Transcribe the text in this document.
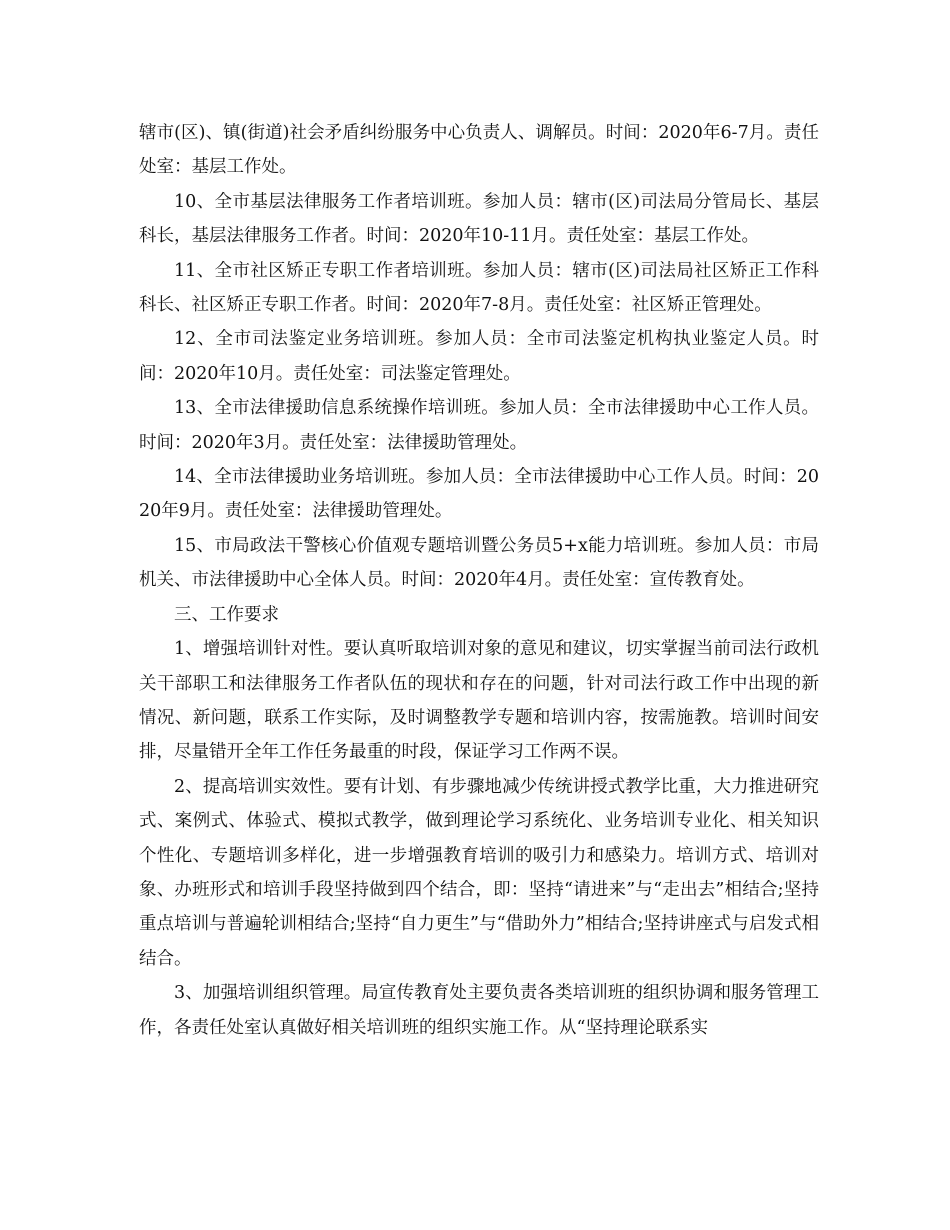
辖市(区)、镇(街道)社会矛盾纠纷服务中心负责人、调解员。时间：2020年6-7月。责任处室：基层工作处。

10、全市基层法律服务工作者培训班。参加人员：辖市(区)司法局分管局长、基层科长，基层法律服务工作者。时间：2020年10-11月。责任处室：基层工作处。

11、全市社区矫正专职工作者培训班。参加人员：辖市(区)司法局社区矫正工作科科长、社区矫正专职工作者。时间：2020年7-8月。责任处室：社区矫正管理处。

12、全市司法鉴定业务培训班。参加人员：全市司法鉴定机构执业鉴定人员。时间：2020年10月。责任处室：司法鉴定管理处。

13、全市法律援助信息系统操作培训班。参加人员：全市法律援助中心工作人员。时间：2020年3月。责任处室：法律援助管理处。

14、全市法律援助业务培训班。参加人员：全市法律援助中心工作人员。时间：2020年9月。责任处室：法律援助管理处。

15、市局政法干警核心价值观专题培训暨公务员5+x能力培训班。参加人员：市局机关、市法律援助中心全体人员。时间：2020年4月。责任处室：宣传教育处。

三、工作要求

1、增强培训针对性。要认真听取培训对象的意见和建议，切实掌握当前司法行政机关干部职工和法律服务工作者队伍的现状和存在的问题，针对司法行政工作中出现的新情况、新问题，联系工作实际，及时调整教学专题和培训内容，按需施教。培训时间安排，尽量错开全年工作任务最重的时段，保证学习工作两不误。

2、提高培训实效性。要有计划、有步骤地减少传统讲授式教学比重，大力推进研究式、案例式、体验式、模拟式教学，做到理论学习系统化、业务培训专业化、相关知识个性化、专题培训多样化，进一步增强教育培训的吸引力和感染力。培训方式、培训对象、办班形式和培训手段坚持做到四个结合，即：坚持“请进来”与“走出去”相结合;坚持重点培训与普遍轮训相结合;坚持“自力更生”与“借助外力”相结合;坚持讲座式与启发式相结合。

3、加强培训组织管理。局宣传教育处主要负责各类培训班的组织协调和服务管理工作，各责任处室认真做好相关培训班的组织实施工作。从“坚持理论联系实
